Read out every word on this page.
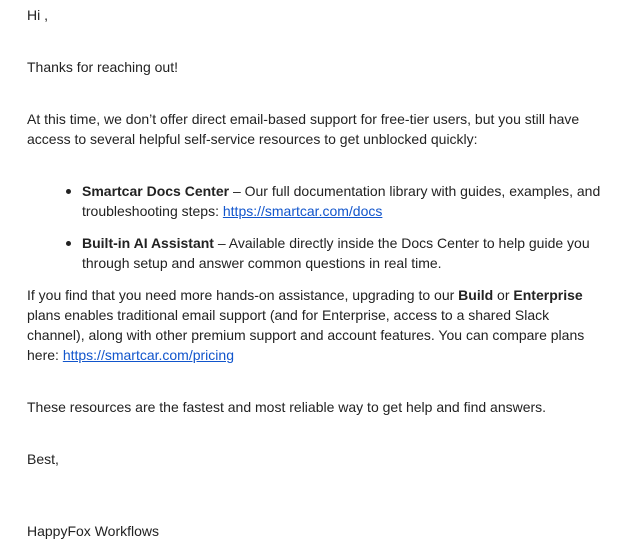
Hi ,

Thanks for reaching out!

At this time, we don’t offer direct email-based support for free-tier users, but you still have access to several helpful self-service resources to get unblocked quickly:

Smartcar Docs Center – Our full documentation library with guides, examples, and troubleshooting steps: https://smartcar.com/docs
Built-in AI Assistant – Available directly inside the Docs Center to help guide you through setup and answer common questions in real time.

If you find that you need more hands-on assistance, upgrading to our Build or Enterprise plans enables traditional email support (and for Enterprise, access to a shared Slack channel), along with other premium support and account features. You can compare plans here: https://smartcar.com/pricing

These resources are the fastest and most reliable way to get help and find answers.

Best,

HappyFox Workflows
